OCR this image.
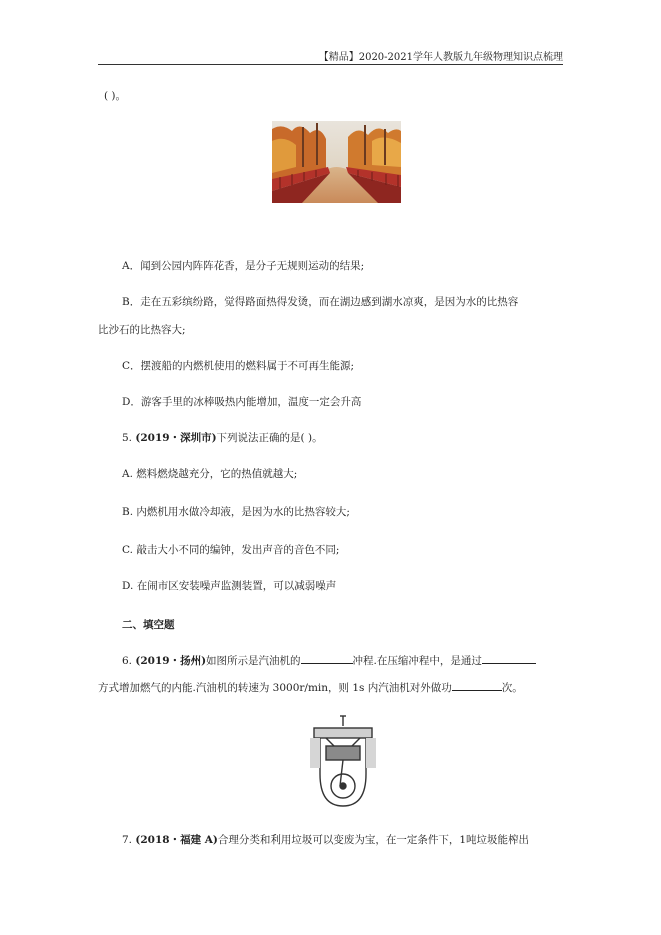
【精品】2020-2021学年人教版九年级物理知识点梳理
( )。
A．闻到公园内阵阵花香，是分子无规则运动的结果;
B．走在五彩缤纷路，觉得路面热得发烫，而在湖边感到湖水凉爽，是因为水的比热容
比沙石的比热容大;
C．摆渡船的内燃机使用的燃料属于不可再生能源;
D．游客手里的冰棒吸热内能增加，温度一定会升高
5. (2019・深圳市)下列说法正确的是( )。
A. 燃料燃烧越充分，它的热值就越大;
B. 内燃机用水做冷却液，是因为水的比热容较大;
C. 敲击大小不同的编钟，发出声音的音色不同;
D. 在闹市区安装噪声监测装置，可以减弱噪声
二、填空题
6. (2019・扬州)如图所示是汽油机的	冲程.在压缩冲程中，是通过
方式增加燃气的内能.汽油机的转速为 3000r/min，则 1s 内汽油机对外做功	次。
7. (2018・福建 A)合理分类和利用垃圾可以变废为宝，在一定条件下，1吨垃圾能榨出
